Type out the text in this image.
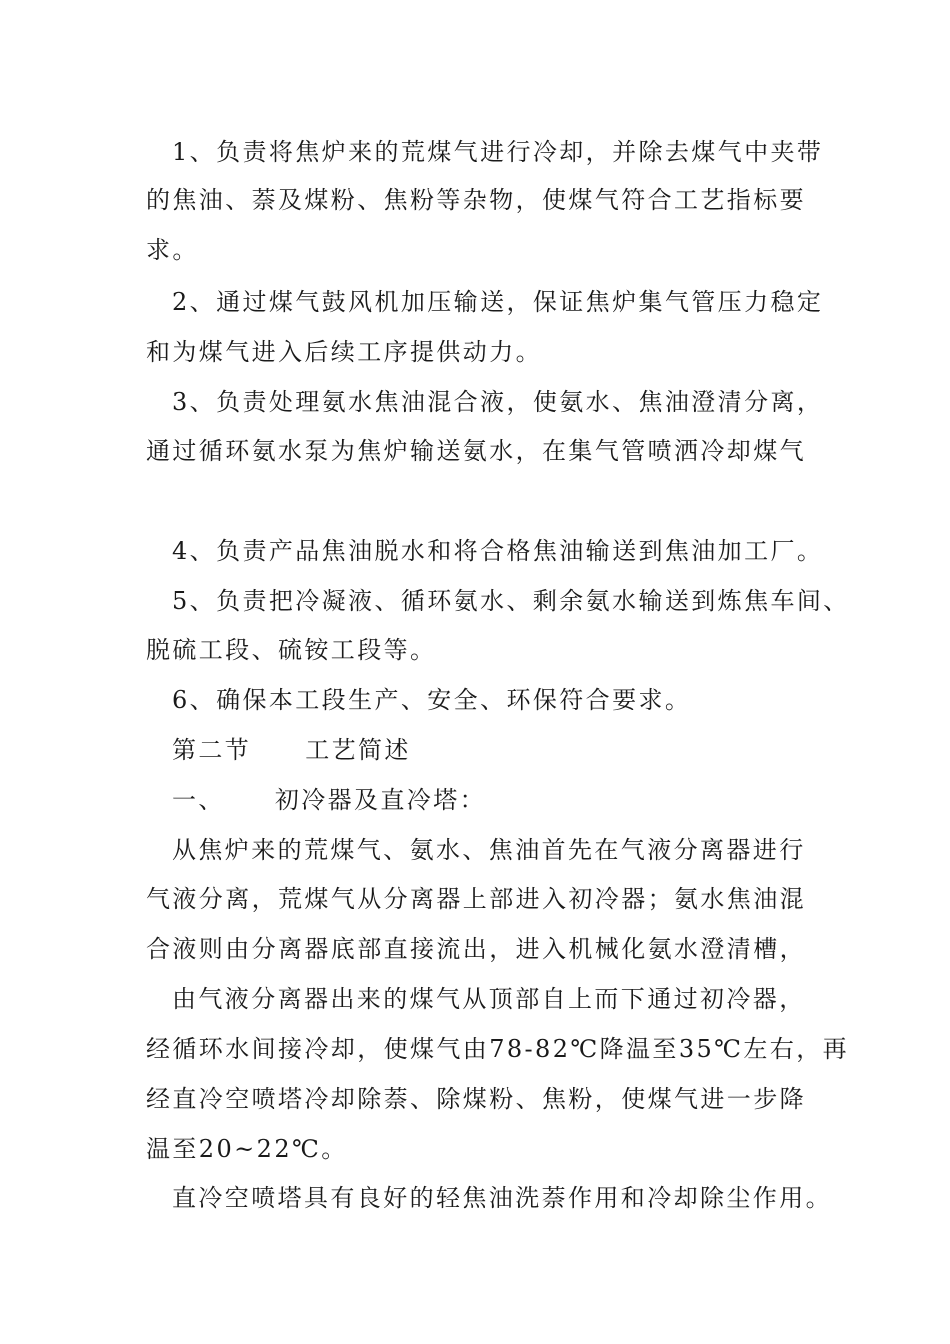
1、负责将焦炉来的荒煤气进行冷却，并除去煤气中夹带
的焦油、萘及煤粉、焦粉等杂物，使煤气符合工艺指标要
求。
2、通过煤气鼓风机加压输送，保证焦炉集气管压力稳定
和为煤气进入后续工序提供动力。
3、负责处理氨水焦油混合液，使氨水、焦油澄清分离，
通过循环氨水泵为焦炉输送氨水，在集气管喷洒冷却煤气
4、负责产品焦油脱水和将合格焦油输送到焦油加工厂。
5、负责把冷凝液、循环氨水、剩余氨水输送到炼焦车间、
脱硫工段、硫铵工段等。
6、确保本工段生产、安全、环保符合要求。
第二节 工艺简述
一、 初冷器及直冷塔：
从焦炉来的荒煤气、氨水、焦油首先在气液分离器进行
气液分离，荒煤气从分离器上部进入初冷器；氨水焦油混
合液则由分离器底部直接流出，进入机械化氨水澄清槽，
由气液分离器出来的煤气从顶部自上而下通过初冷器，
经循环水间接冷却，使煤气由78-82℃降温至35℃左右，再
经直冷空喷塔冷却除萘、除煤粉、焦粉，使煤气进一步降
温至20~22℃。
直冷空喷塔具有良好的轻焦油洗萘作用和冷却除尘作用。
